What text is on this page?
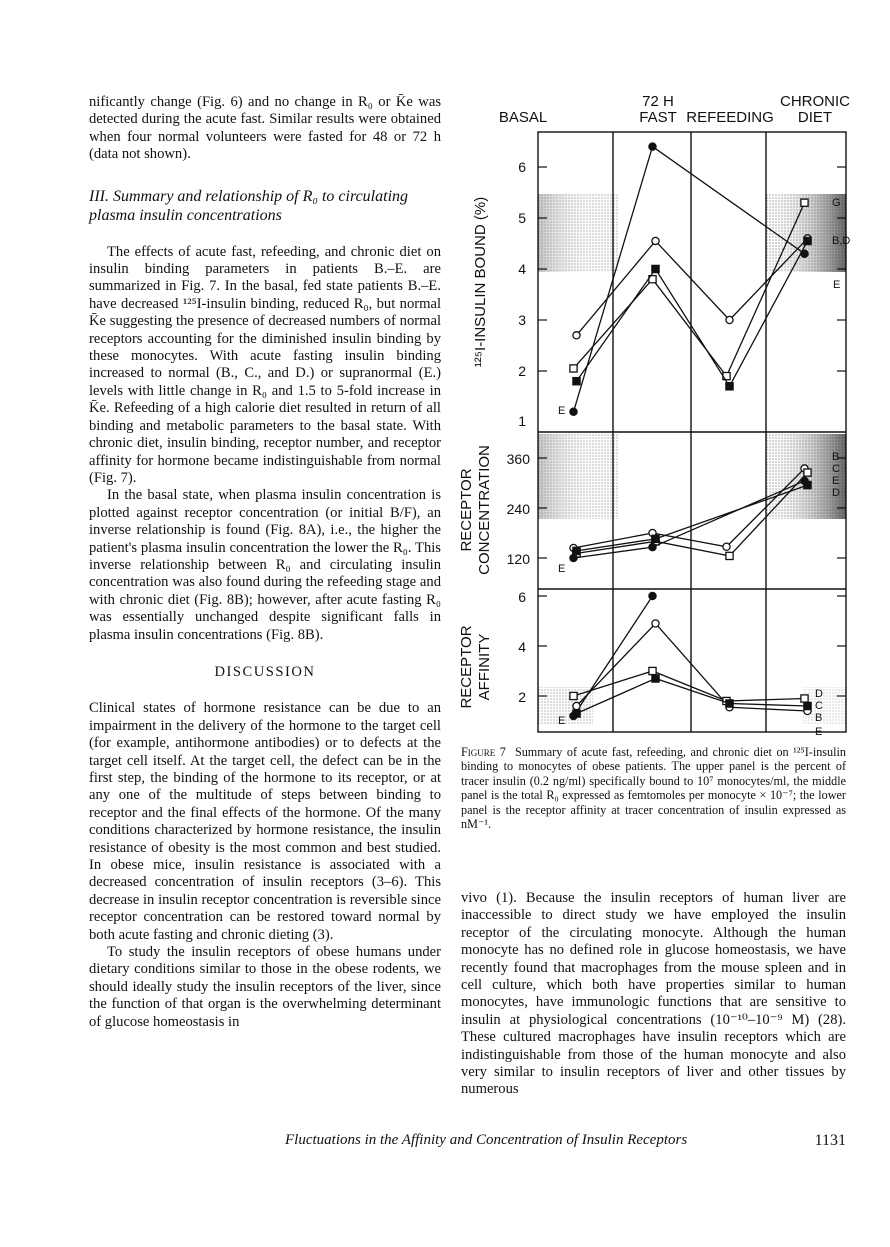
nificantly change (Fig. 6) and no change in R₀ or K̄e was detected during the acute fast. Similar results were obtained when four normal volunteers were fasted for 48 or 72 h (data not shown).

III. Summary and relationship of R₀ to circulating plasma insulin concentrations

The effects of acute fast, refeeding, and chronic diet on insulin binding parameters in patients B.–E. are summarized in Fig. 7. In the basal, fed state patients B.–E. have decreased ¹²⁵I-insulin binding, reduced R₀, but normal K̄e suggesting the presence of decreased numbers of normal receptors accounting for the diminished insulin binding by these monocytes. With acute fasting insulin binding increased to normal (B., C., and D.) or supranormal (E.) levels with little change in R₀ and 1.5 to 5-fold increase in K̄e. Refeeding of a high calorie diet resulted in return of all binding and metabolic parameters to the basal state. With chronic diet, insulin binding, receptor number, and receptor affinity for hormone became indistinguishable from normal (Fig. 7).

In the basal state, when plasma insulin concentration is plotted against receptor concentration (or initial B/F), an inverse relationship is found (Fig. 8A), i.e., the higher the patient's plasma insulin concentration the lower the R₀. This inverse relationship between R₀ and circulating insulin concentration was also found during the refeeding stage and with chronic diet (Fig. 8B); however, after acute fasting R₀ was essentially unchanged despite significant falls in plasma insulin concentrations (Fig. 8B).

DISCUSSION

Clinical states of hormone resistance can be due to an impairment in the delivery of the hormone to the target cell (for example, antihormone antibodies) or to defects at the target cell itself. At the target cell, the defect can be in the first step, the binding of the hormone to its receptor, or at any one of the multitude of steps between binding to receptor and the final effects of the hormone. Of the many conditions characterized by hormone resistance, the insulin resistance of obesity is the most common and best studied. In obese mice, insulin resistance is associated with a decreased concentration of insulin receptors (3–6). This decrease in insulin receptor concentration is reversible since receptor concentration can be restored toward normal by both acute fasting and chronic dieting (3).

To study the insulin receptors of obese humans under dietary conditions similar to those in the obese rodents, we should ideally study the insulin receptors of the liver, since the function of that organ is the overwhelming determinant of glucose homeostasis in

BASAL
72 H
FAST REFEEDING
CHRONIC
DIET
¹²⁵I-INSULIN BOUND (%)
RECEPTOR CONCENTRATION
RECEPTOR AFFINITY
6
5
4
3
2
1
360
240
120
6
4
2
E
G
B,D
E
E
B
C
E
D
E
D
C
B
E
Figure 7 Summary of acute fast, refeeding, and chronic diet on ¹²⁵I-insulin binding to monocytes of obese patients. The upper panel is the percent of tracer insulin (0.2 ng/ml) specifically bound to 10⁷ monocytes/ml, the middle panel is the total R₀ expressed as femtomoles per monocyte × 10⁻⁷; the lower panel is the receptor affinity at tracer concentration of insulin expressed as nM⁻¹.

vivo (1). Because the insulin receptors of human liver are inaccessible to direct study we have employed the insulin receptor of the circulating monocyte. Although the human monocyte has no defined role in glucose homeostasis, we have recently found that macrophages from the mouse spleen and in cell culture, which both have properties similar to human monocytes, have immunologic functions that are sensitive to insulin at physiological concentrations (10⁻¹⁰–10⁻⁹ M) (28). These cultured macrophages have insulin receptors which are indistinguishable from those of the human monocyte and also very similar to insulin receptors of liver and other tissues by numerous

Fluctuations in the Affinity and Concentration of Insulin Receptors	1131
